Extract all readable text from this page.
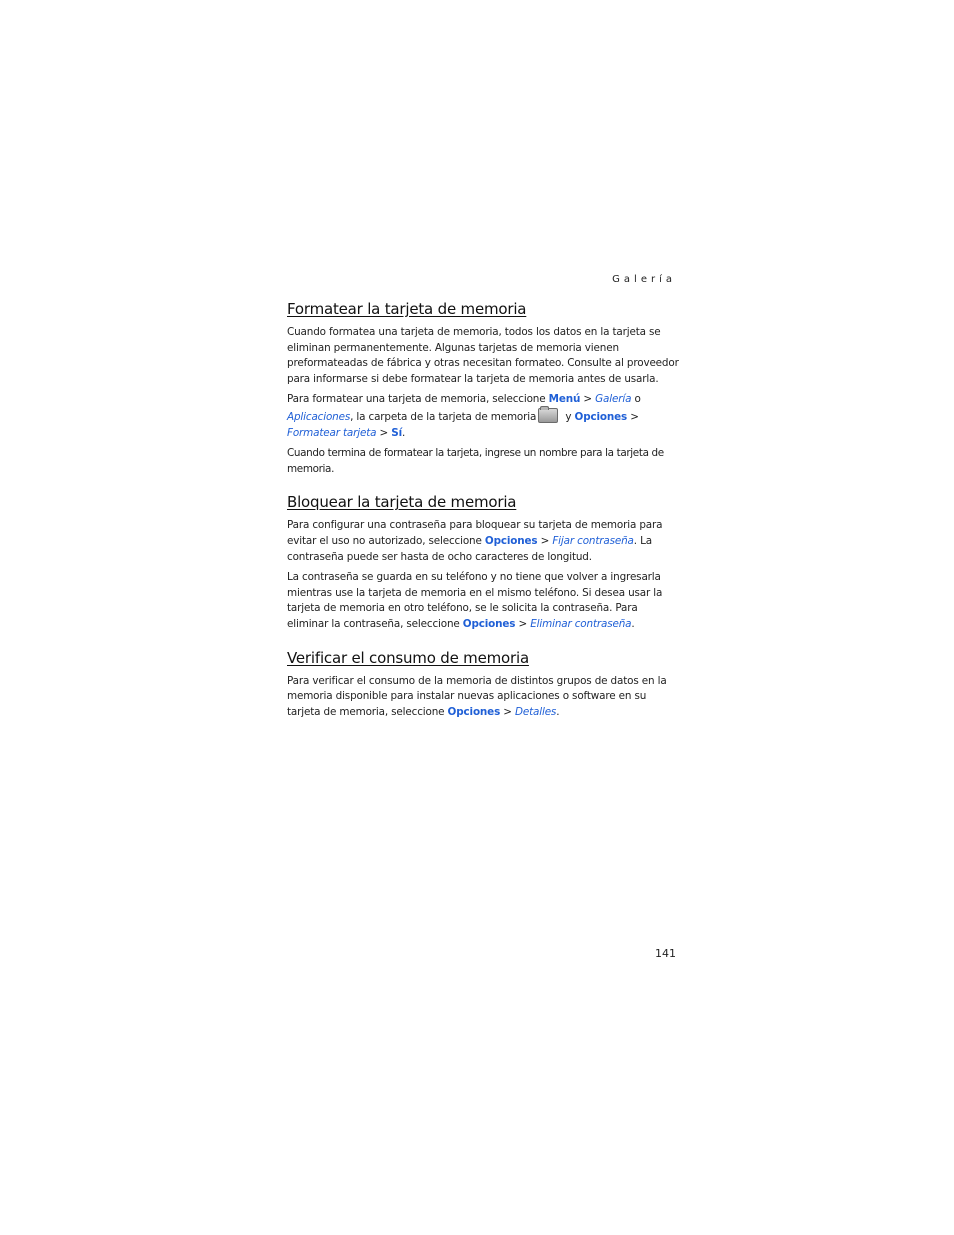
Galería
Formatear la tarjeta de memoria

Cuando formatea una tarjeta de memoria, todos los datos en la tarjeta se eliminan permanentemente. Algunas tarjetas de memoria vienen preformateadas de fábrica y otras necesitan formateo. Consulte al proveedor para informarse si debe formatear la tarjeta de memoria antes de usarla.

Para formatear una tarjeta de memoria, seleccione Menú > Galería o Aplicaciones, la carpeta de la tarjeta de memoria	y Opciones > Formatear tarjeta > Sí.

Cuando termina de formatear la tarjeta, ingrese un nombre para la tarjeta de memoria.

Bloquear la tarjeta de memoria

Para configurar una contraseña para bloquear su tarjeta de memoria para evitar el uso no autorizado, seleccione Opciones > Fijar contraseña. La contraseña puede ser hasta de ocho caracteres de longitud.

La contraseña se guarda en su teléfono y no tiene que volver a ingresarla mientras use la tarjeta de memoria en el mismo teléfono. Si desea usar la tarjeta de memoria en otro teléfono, se le solicita la contraseña. Para eliminar la contraseña, seleccione Opciones > Eliminar contraseña.

Verificar el consumo de memoria

Para verificar el consumo de la memoria de distintos grupos de datos en la memoria disponible para instalar nuevas aplicaciones o software en su tarjeta de memoria, seleccione Opciones > Detalles.

141
